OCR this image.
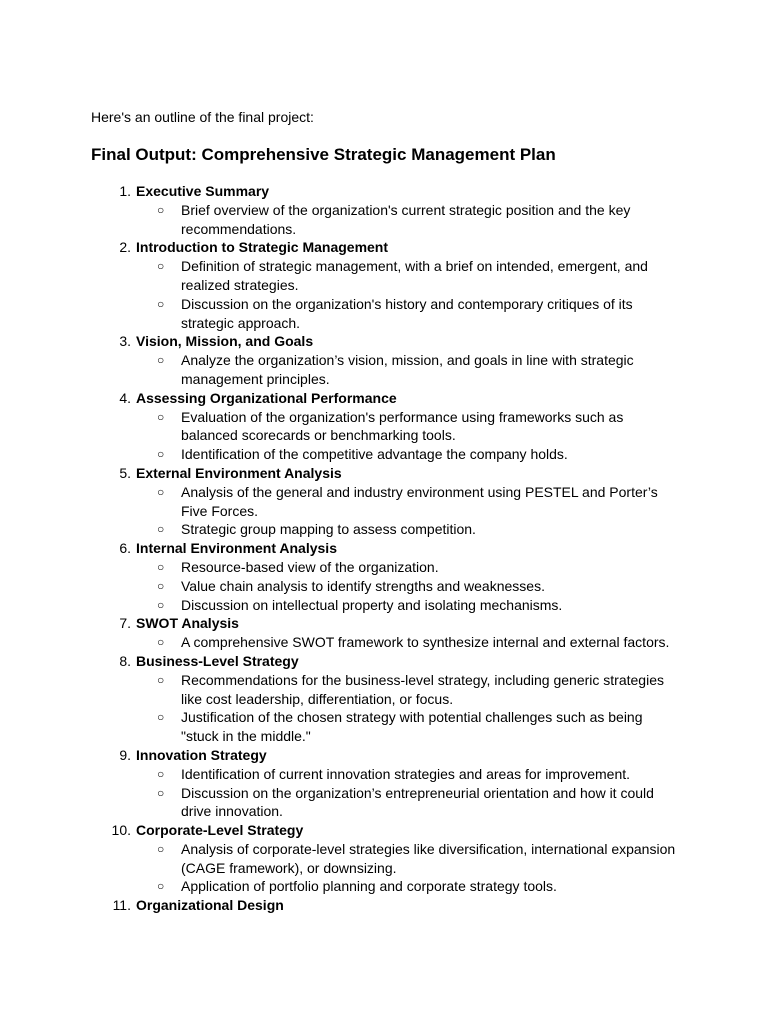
Here's an outline of the final project:

Final Output: Comprehensive Strategic Management Plan
1. Executive Summary
○ Brief overview of the organization's current strategic position and the key recommendations.
2. Introduction to Strategic Management
○ Definition of strategic management, with a brief on intended, emergent, and realized strategies.
○ Discussion on the organization's history and contemporary critiques of its strategic approach.
3. Vision, Mission, and Goals
○ Analyze the organization’s vision, mission, and goals in line with strategic management principles.
4. Assessing Organizational Performance
○ Evaluation of the organization's performance using frameworks such as balanced scorecards or benchmarking tools.
○ Identification of the competitive advantage the company holds.
5. External Environment Analysis
○ Analysis of the general and industry environment using PESTEL and Porter’s Five Forces.
○ Strategic group mapping to assess competition.
6. Internal Environment Analysis
○ Resource-based view of the organization.
○ Value chain analysis to identify strengths and weaknesses.
○ Discussion on intellectual property and isolating mechanisms.
7. SWOT Analysis
○ A comprehensive SWOT framework to synthesize internal and external factors.
8. Business-Level Strategy
○ Recommendations for the business-level strategy, including generic strategies like cost leadership, differentiation, or focus.
○ Justification of the chosen strategy with potential challenges such as being "stuck in the middle."
9. Innovation Strategy
○ Identification of current innovation strategies and areas for improvement.
○ Discussion on the organization’s entrepreneurial orientation and how it could drive innovation.
10. Corporate-Level Strategy
○ Analysis of corporate-level strategies like diversification, international expansion (CAGE framework), or downsizing.
○ Application of portfolio planning and corporate strategy tools.
11. Organizational Design
